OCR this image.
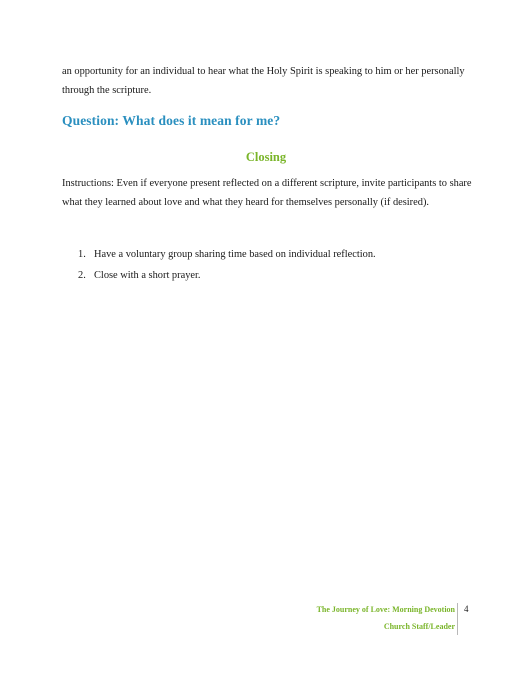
an opportunity for an individual to hear what the Holy Spirit is speaking to him or her personally through the scripture.

Question: What does it mean for me?
Closing

Instructions: Even if everyone present reflected on a different scripture, invite participants to share what they learned about love and what they heard for themselves personally (if desired).

1. Have a voluntary group sharing time based on individual reflection.
2. Close with a short prayer.
The Journey of Love: Morning Devotion
Church Staff/Leader
4
